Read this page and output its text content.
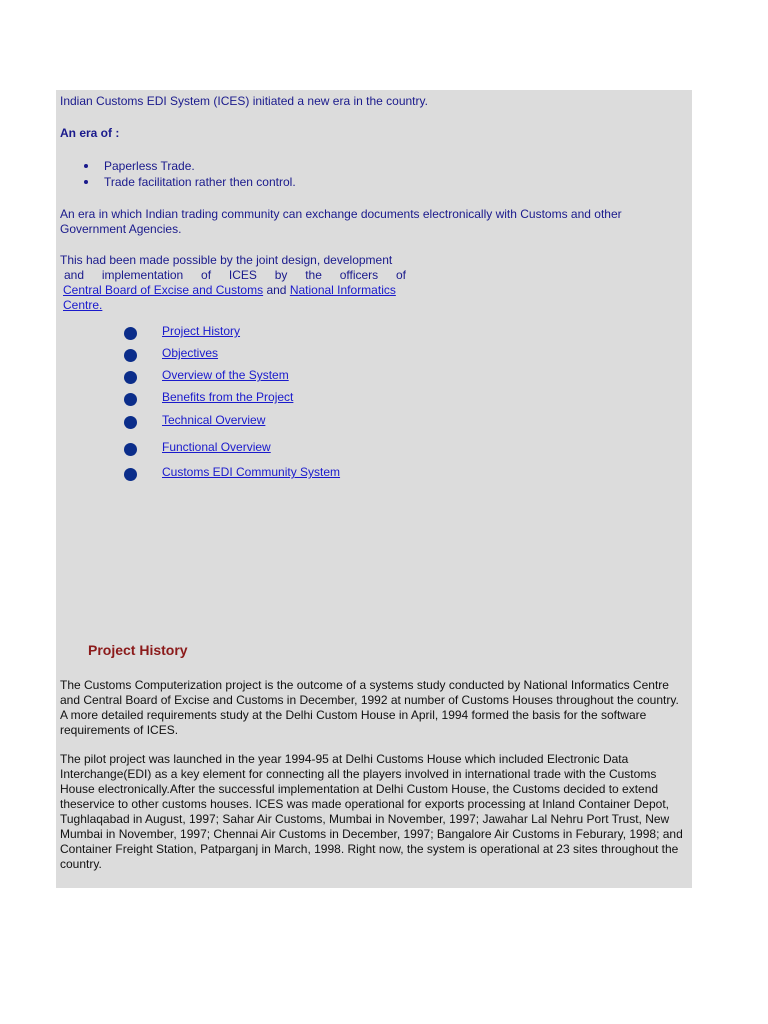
Indian Customs EDI System (ICES) initiated a new era in the country.
An era of :
Paperless Trade.
Trade facilitation rather then control.
An era in which Indian trading community can exchange documents electronically with Customs and other Government Agencies.
This had been made possible by the joint design, development
and implementation of ICES by the officers of
Central Board of Excise and Customs and National Informatics Centre.
Project History
Objectives
Overview of the System
Benefits from the Project
Technical Overview
Functional Overview
Customs EDI Community System
Project History
The Customs Computerization project is the outcome of a systems study conducted by National Informatics Centre and Central Board of Excise and Customs in December, 1992 at number of Customs Houses throughout the country. A more detailed requirements study at the Delhi Custom House in April, 1994 formed the basis for the software requirements of ICES.
The pilot project was launched in the year 1994-95 at Delhi Customs House which included Electronic Data Interchange(EDI) as a key element for connecting all the players involved in international trade with the Customs House electronically.After the successful implementation at Delhi Custom House, the Customs decided to extend theservice to other customs houses. ICES was made operational for exports processing at Inland Container Depot, Tughlaqabad in August, 1997; Sahar Air Customs, Mumbai in November, 1997; Jawahar Lal Nehru Port Trust, New Mumbai in November, 1997; Chennai Air Customs in December, 1997; Bangalore Air Customs in Feburary, 1998; and Container Freight Station, Patparganj in March, 1998. Right now, the system is operational at 23 sites throughout the country.
